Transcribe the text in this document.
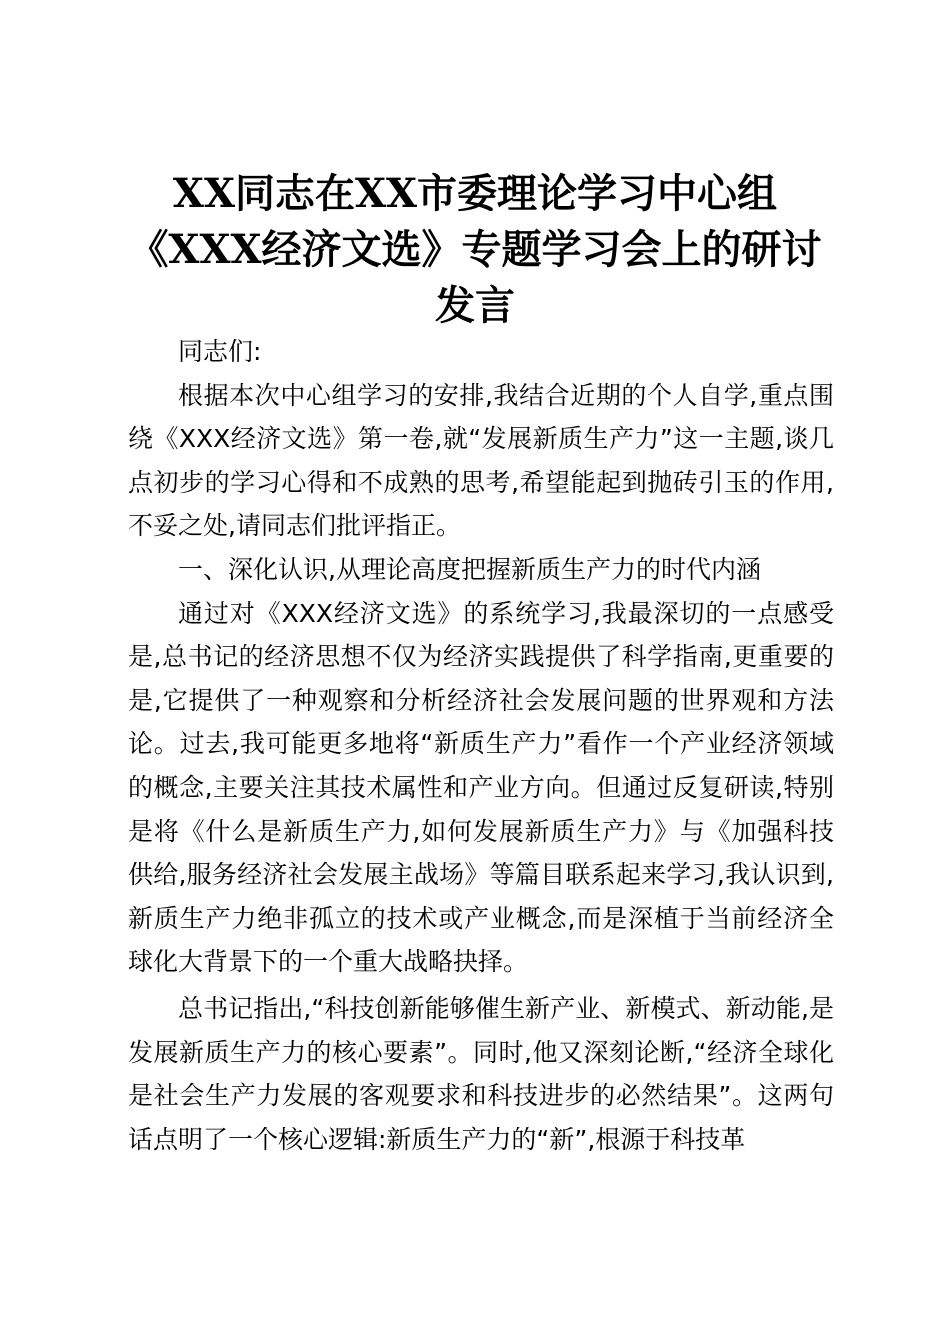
XX同志在XX市委理论学习中心组
《XXX经济文选》专题学习会上的研讨
发言

同志们:

根据本次中心组学习的安排,我结合近期的个人自学,重点围绕《XXX经济文选》第一卷,就“发展新质生产力”这一主题,谈几点初步的学习心得和不成熟的思考,希望能起到抛砖引玉的作用,不妥之处,请同志们批评指正。

一、深化认识,从理论高度把握新质生产力的时代内涵

通过对《XXX经济文选》的系统学习,我最深切的一点感受是,总书记的经济思想不仅为经济实践提供了科学指南,更重要的是,它提供了一种观察和分析经济社会发展问题的世界观和方法论。过去,我可能更多地将“新质生产力”看作一个产业经济领域的概念,主要关注其技术属性和产业方向。但通过反复研读,特别是将《什么是新质生产力,如何发展新质生产力》与《加强科技供给,服务经济社会发展主战场》等篇目联系起来学习,我认识到,新质生产力绝非孤立的技术或产业概念,而是深植于当前经济全球化大背景下的一个重大战略抉择。

总书记指出,“科技创新能够催生新产业、新模式、新动能,是发展新质生产力的核心要素”。同时,他又深刻论断,“经济全球化是社会生产力发展的客观要求和科技进步的必然结果”。这两句话点明了一个核心逻辑:新质生产力的“新”,根源于科技革
